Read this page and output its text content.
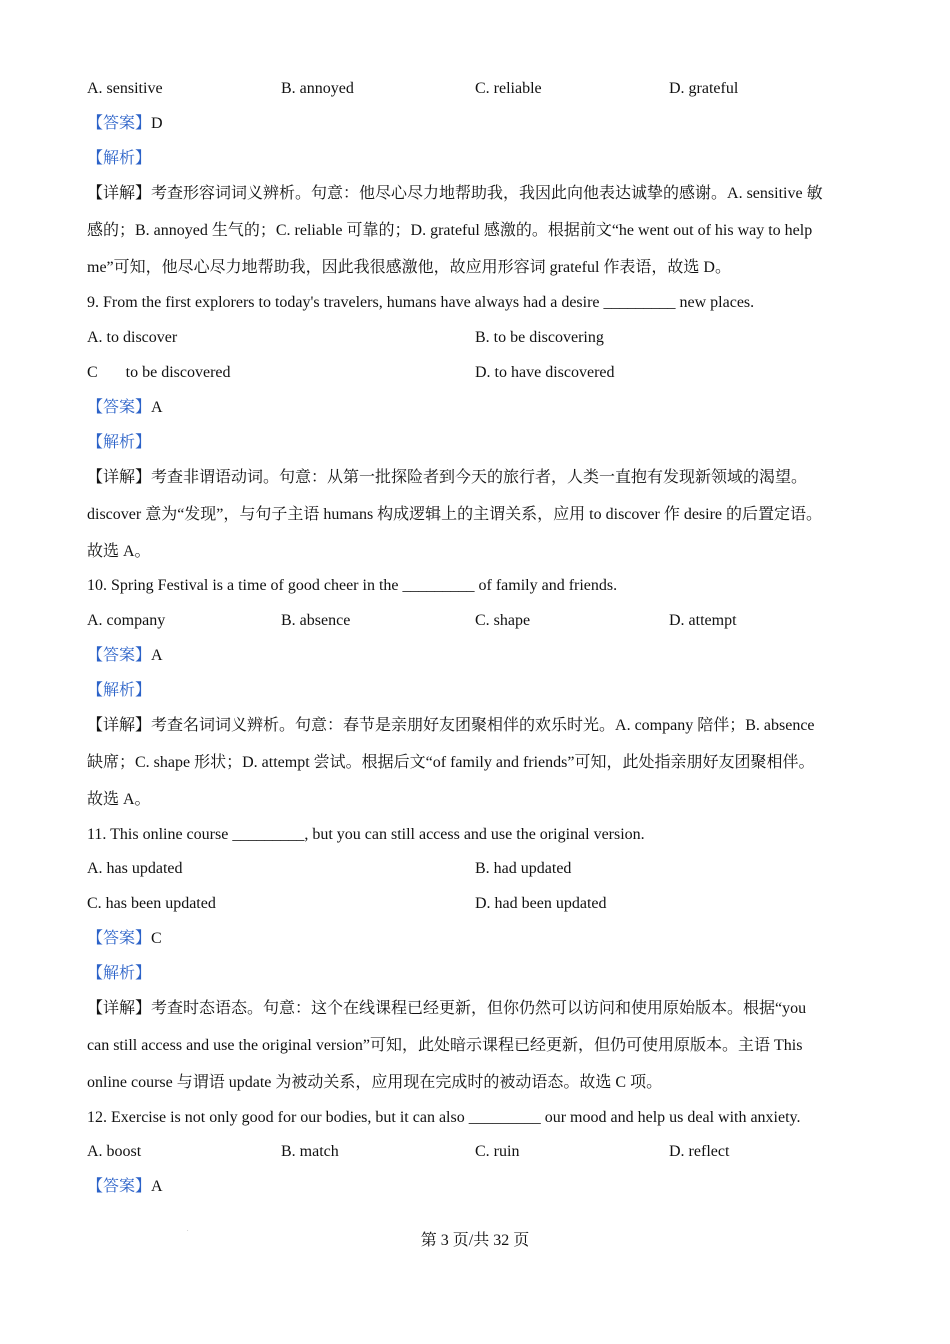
A. sensitive	B. annoyed	C. reliable	D. grateful
【答案】D
【解析】
【详解】考查形容词词义辨析。句意：他尽心尽力地帮助我，我因此向他表达诚挚的感谢。A. sensitive 敏
感的；B. annoyed 生气的；C. reliable 可靠的；D. grateful 感激的。根据前文“he went out of his way to help
me”可知，他尽心尽力地帮助我，因此我很感激他，故应用形容词 grateful 作表语，故选 D。
9. From the first explorers to today's travelers, humans have always had a desire _________ new places.
A. to discover	B. to be discovering
C       to be discovered	D. to have discovered
【答案】A
【解析】
【详解】考查非谓语动词。句意：从第一批探险者到今天的旅行者，人类一直抱有发现新领域的渴望。
discover 意为“发现”，与句子主语 humans 构成逻辑上的主谓关系，应用 to discover 作 desire 的后置定语。
故选 A。
10. Spring Festival is a time of good cheer in the _________ of family and friends.
A. company	B. absence	C. shape	D. attempt
【答案】A
【解析】
【详解】考查名词词义辨析。句意：春节是亲朋好友团聚相伴的欢乐时光。A. company 陪伴；B. absence
缺席；C. shape 形状；D. attempt 尝试。根据后文“of family and friends”可知，此处指亲朋好友团聚相伴。
故选 A。
11. This online course _________, but you can still access and use the original version.
A. has updated	B. had updated
C. has been updated	D. had been updated
【答案】C
【解析】
【详解】考查时态语态。句意：这个在线课程已经更新，但你仍然可以访问和使用原始版本。根据“you
can still access and use the original version”可知，此处暗示课程已经更新，但仍可使用原版本。主语 This
online course 与谓语 update 为被动关系，应用现在完成时的被动语态。故选 C 项。
12. Exercise is not only good for our bodies, but it can also _________ our mood and help us deal with anxiety.
A. boost	B. match	C. ruin	D. reflect
【答案】A
.
第 3 页/共 32 页
